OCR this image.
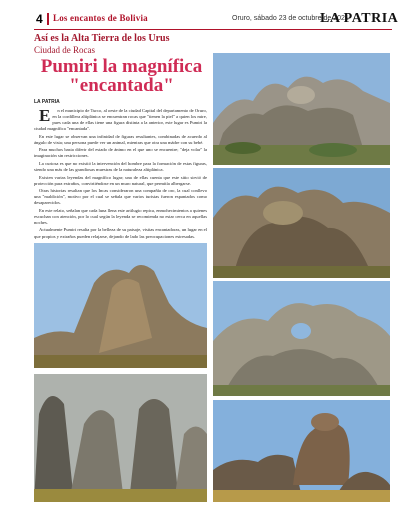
4 Los encantos de Bolivia	Oruro, sábado 23 de octubre de 2021
LA PATRIA
Así es la Alta Tierra de los Urus
Ciudad de Rocas
Pumiri la magnífica
"encantada"
LA PATRIA

E n el municipio de Turco, al oeste de la ciudad Capital del departamento de Oruro, en la cordillera altiplánica se encuentran rocas que "tienen la piel" a quien los mire, pues cada una de ellas tiene una figura distinta a la anterior, este lugar es Pumiri la ciudad magnífica "encantada".

En este lugar se observan una infinidad de figuras resultantes, combinadas de acuerdo al ángulo de vista; una persona puede ver un animal, mientras que otra una mádre con su bebé.

Para muchos basta diferir del estado de ánimo en el que uno se encuentre; "deja volar" la imaginación sin restricciones.

La curiosa es que no existió la intervención del hombre para la formación de estas figuras, siendo una más de las grandiosas muestras de la naturaleza altiplánica.

Existen varias leyendas del magnífico lugar; una de ellas cuenta que este sitio sirvió de protección para extraños, convirtiéndose en un muro natural, que permitía albergarse.

Otras historias resaltan que los Incas consideraron una compañía de oro, la cual conllevo una "maldición", motivo por el cual se señala que varios turistas fueron espantados como desaparecidos.

En este relato, señalan que cada luna llena este artilugio repica, enmohecimientos a quienes escuchan con atención, por lo cual según la leyenda se recomienda no estar cerca en aquellas noches.

Actualmente Pumiri resalta por la belleza de su paisaje, visitas encantadoras, un lugar en el que propios y extraños pueden relajarse, dejando de lado las preocupaciones estresadas.
